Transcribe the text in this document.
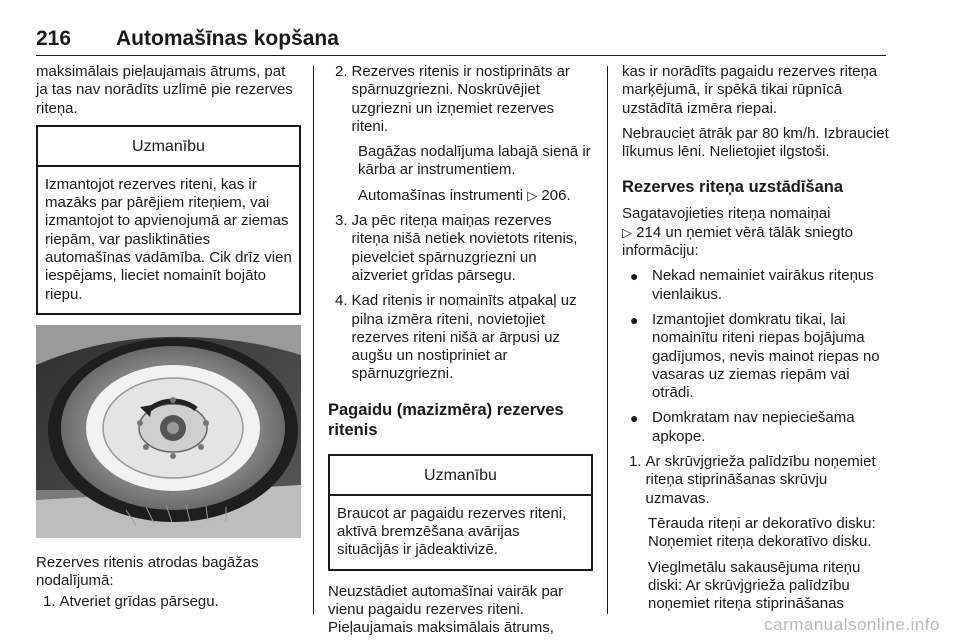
216 Automašīnas kopšana

maksimālais pieļaujamais ātrums, pat ja tas nav norādīts uzlīmē pie rezerves riteņa.

Uzmanību
Izmantojot rezerves riteni, kas ir mazāks par pārējiem riteņiem, vai izmantojot to apvienojumā ar ziemas riepām, var pasliktināties automašīnas vadāmība. Cik drīz vien iespējams, lieciet nomainīt bojāto riepu.

Rezerves ritenis atrodas bagāžas nodalījumā:

1. Atveriet grīdas pārsegu.
2. Rezerves ritenis ir nostiprināts ar spārnuzgriezni. Noskrūvējiet uzgriezni un izņemiet rezerves riteni.

Bagāžas nodalījuma labajā sienā ir kārba ar instrumentiem.

Automašīnas instrumenti ▷ 206.

3. Ja pēc riteņa maiņas rezerves riteņa nišā netiek novietots ritenis, pievelciet spārnuzgriezni un aizveriet grīdas pārsegu.
4. Kad ritenis ir nomainīts atpakaļ uz pilna izmēra riteni, novietojiet rezerves riteni nišā ar ārpusi uz augšu un nostipriniet ar spārnuzgriezni.

Pagaidu (mazizmēra) rezerves ritenis

Uzmanību
Braucot ar pagaidu rezerves riteni, aktīvā bremzēšana avārijas situācijās ir jādeaktivizē.

Neuzstādiet automašīnai vairāk par vienu pagaidu rezerves riteni. Pieļaujamais maksimālais ātrums,

kas ir norādīts pagaidu rezerves riteņa marķējumā, ir spēkā tikai rūpnīcā uzstādītā izmēra riepai.

Nebrauciet ātrāk par 80 km/h. Izbrauciet līkumus lēni. Nelietojiet ilgstoši.

Rezerves riteņa uzstādīšana

Sagatavojieties riteņa nomaiņai
▷ 214 un ņemiet vērā tālāk sniegto informāciju:

● Nekad nemainiet vairākus riteņus vienlaikus.
● Izmantojiet domkratu tikai, lai nomainītu riteni riepas bojājuma gadījumos, nevis mainot riepas no vasaras uz ziemas riepām vai otrādi.
● Domkratam nav nepieciešama apkope.
1. Ar skrūvjgrieža palīdzību noņemiet riteņa stiprināšanas skrūvju uzmavas.

Tērauda riteņi ar dekoratīvo disku: Noņemiet riteņa dekoratīvo disku.

Vieglmetālu sakausējuma riteņu diski: Ar skrūvjgrieža palīdzību noņemiet riteņa stiprināšanas

carmanualsonline.info
